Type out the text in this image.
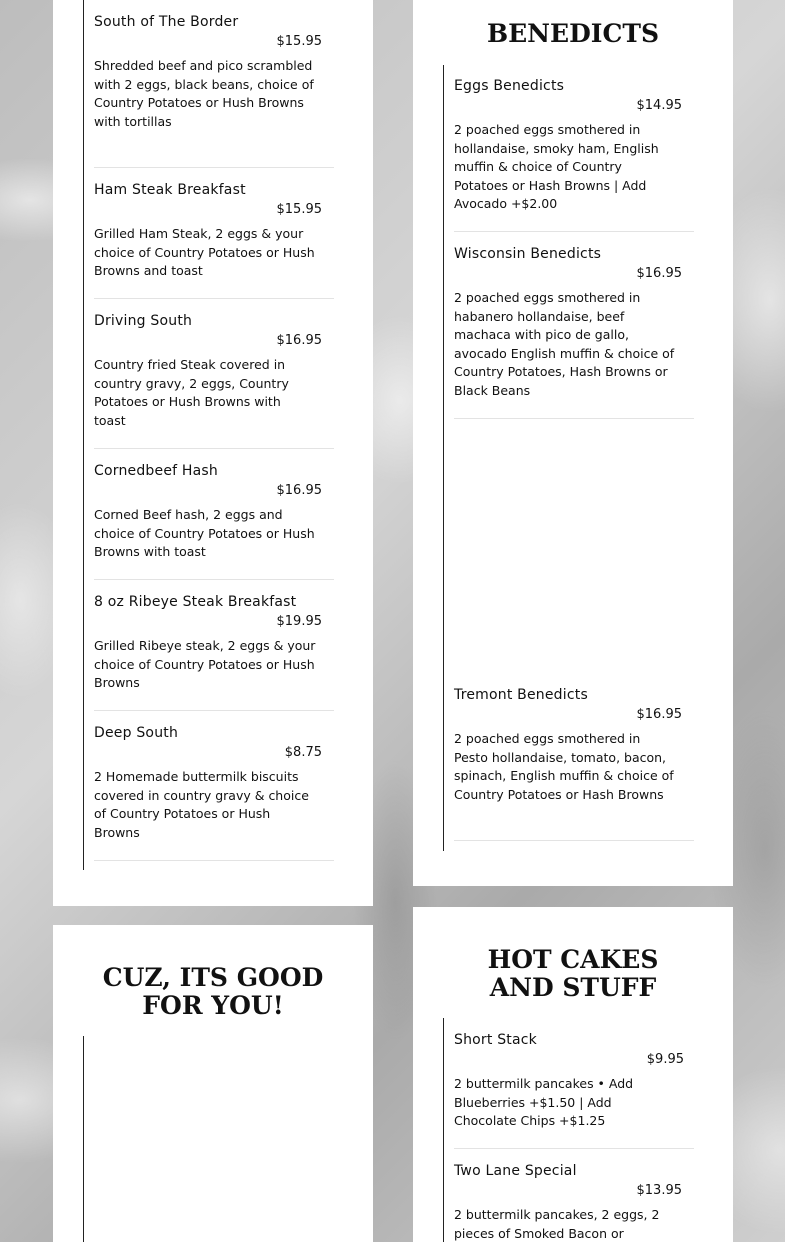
South of The Border
$15.95
Shredded beef and pico scrambled with 2 eggs, black beans, choice of Country Potatoes or Hush Browns with tortillas
Ham Steak Breakfast
$15.95
Grilled Ham Steak, 2 eggs & your choice of Country Potatoes or Hush Browns and toast
Driving South
$16.95
Country fried Steak covered in country gravy, 2 eggs, Country Potatoes or Hush Browns with toast
Cornedbeef Hash
$16.95
Corned Beef hash, 2 eggs and choice of Country Potatoes or Hush Browns with toast
8 oz Ribeye Steak Breakfast
$19.95
Grilled Ribeye steak, 2 eggs & your choice of Country Potatoes or Hush Browns
Deep South
$8.75
2 Homemade buttermilk biscuits covered in country gravy & choice of Country Potatoes or Hush Browns
BENEDICTS
Eggs Benedicts
$14.95
2 poached eggs smothered in hollandaise, smoky ham, English muffin & choice of Country Potatoes or Hash Browns | Add Avocado +$2.00
Wisconsin Benedicts
$16.95
2 poached eggs smothered in habanero hollandaise, beef machaca with pico de gallo, avocado English muffin & choice of Country Potatoes, Hash Browns or Black Beans
Tremont Benedicts
$16.95
2 poached eggs smothered in Pesto hollandaise, tomato, bacon, spinach, English muffin & choice of Country Potatoes or Hash Browns
CUZ, ITS GOOD FOR YOU!
HOT CAKES AND STUFF
Short Stack
$9.95
2 buttermilk pancakes • Add Blueberries +$1.50 | Add Chocolate Chips +$1.25
Two Lane Special
$13.95
2 buttermilk pancakes, 2 eggs, 2 pieces of Smoked Bacon or
